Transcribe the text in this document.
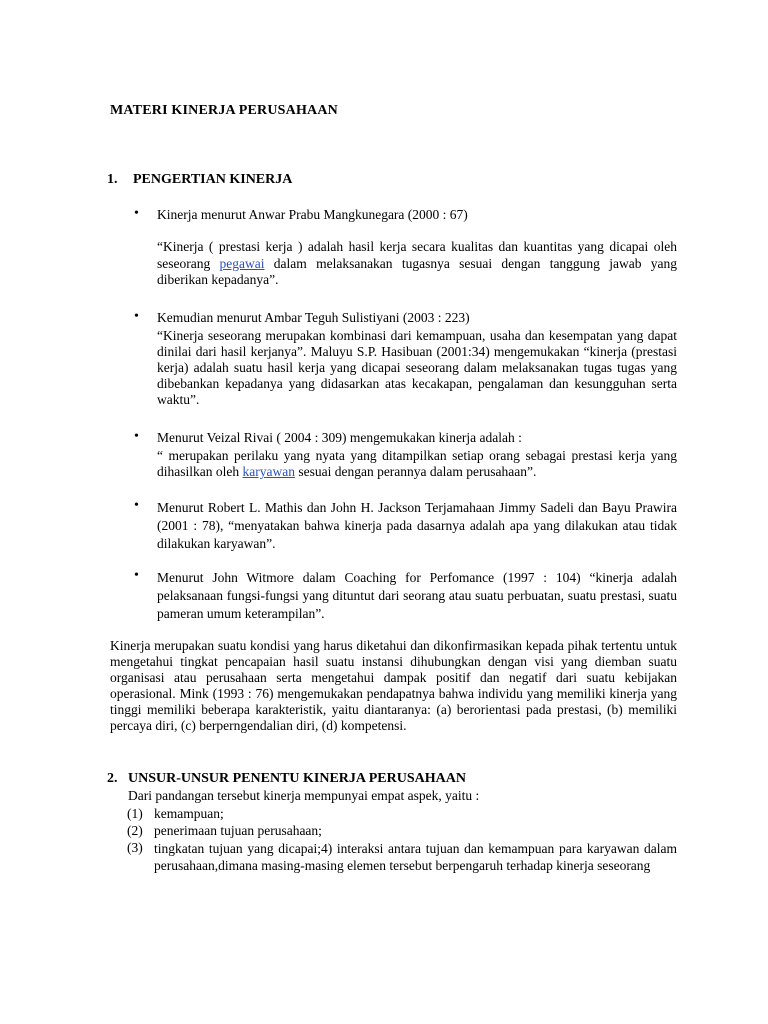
MATERI KINERJA PERUSAHAAN
1. PENGERTIAN KINERJA
• Kinerja menurut Anwar Prabu Mangkunegara (2000 : 67)

“Kinerja ( prestasi kerja ) adalah hasil kerja secara kualitas dan kuantitas yang dicapai oleh seseorang pegawai dalam melaksanakan tugasnya sesuai dengan tanggung jawab yang diberikan kepadanya”.

• Kemudian menurut Ambar Teguh Sulistiyani (2003 : 223)

“Kinerja seseorang merupakan kombinasi dari kemampuan, usaha dan kesempatan yang dapat dinilai dari hasil kerjanya”. Maluyu S.P. Hasibuan (2001:34) mengemukakan “kinerja (prestasi kerja) adalah suatu hasil kerja yang dicapai seseorang dalam melaksanakan tugas tugas yang dibebankan kepadanya yang didasarkan atas kecakapan, pengalaman dan kesungguhan serta waktu”.

• Menurut Veizal Rivai ( 2004 : 309) mengemukakan kinerja adalah :

“ merupakan perilaku yang nyata yang ditampilkan setiap orang sebagai prestasi kerja yang dihasilkan oleh karyawan sesuai dengan perannya dalam perusahaan”.

• Menurut Robert L. Mathis dan John H. Jackson Terjamahaan Jimmy Sadeli dan Bayu Prawira (2001 : 78), “menyatakan bahwa kinerja pada dasarnya adalah apa yang dilakukan atau tidak dilakukan karyawan”.

• Menurut John Witmore dalam Coaching for Perfomance (1997 : 104) “kinerja adalah pelaksanaan fungsi-fungsi yang dituntut dari seorang atau suatu perbuatan, suatu prestasi, suatu pameran umum keterampilan”.

Kinerja merupakan suatu kondisi yang harus diketahui dan dikonfirmasikan kepada pihak tertentu untuk mengetahui tingkat pencapaian hasil suatu instansi dihubungkan dengan visi yang diemban suatu organisasi atau perusahaan serta mengetahui dampak positif dan negatif dari suatu kebijakan operasional. Mink (1993 : 76) mengemukakan pendapatnya bahwa individu yang memiliki kinerja yang tinggi memiliki beberapa karakteristik, yaitu diantaranya: (a) berorientasi pada prestasi, (b) memiliki percaya diri, (c) berperngendalian diri, (d) kompetensi.

2. UNSUR-UNSUR PENENTU KINERJA PERUSAHAAN

Dari pandangan tersebut kinerja mempunyai empat aspek, yaitu :

(1) kemampuan;
(2) penerimaan tujuan perusahaan;
(3) tingkatan tujuan yang dicapai;4) interaksi antara tujuan dan kemampuan para karyawan dalam perusahaan,dimana masing-masing elemen tersebut berpengaruh terhadap kinerja seseorang
